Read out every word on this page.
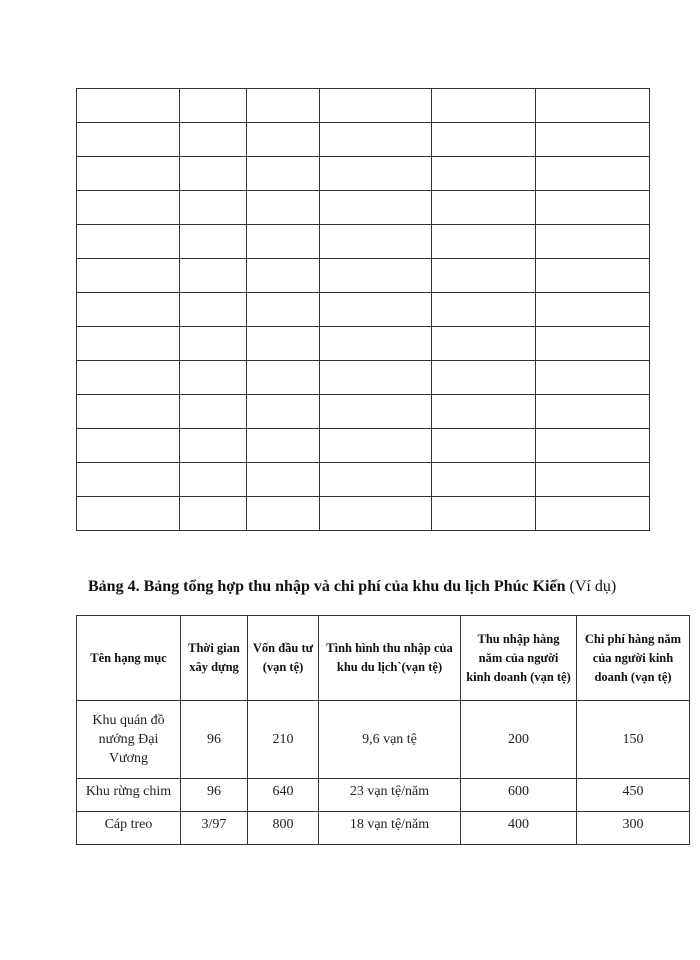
Bảng 4. Bảng tổng hợp thu nhập và chi phí của khu du lịch Phúc Kiến (Ví dụ)
Tên hạng mục	Thời gian xây dựng	Vốn đầu tư (vạn tệ)	Tình hình thu nhập của khu du lịch`(vạn tệ)	Thu nhập hàng năm của người kinh doanh (vạn tệ)	Chi phí hàng năm của người kinh doanh (vạn tệ)
Khu quán đồ nướng Đại Vương	96	210	9,6 vạn tệ	200	150
Khu rừng chim	96	640	23 vạn tệ/năm	600	450
Cáp treo	3/97	800	18 vạn tệ/năm	400	300
